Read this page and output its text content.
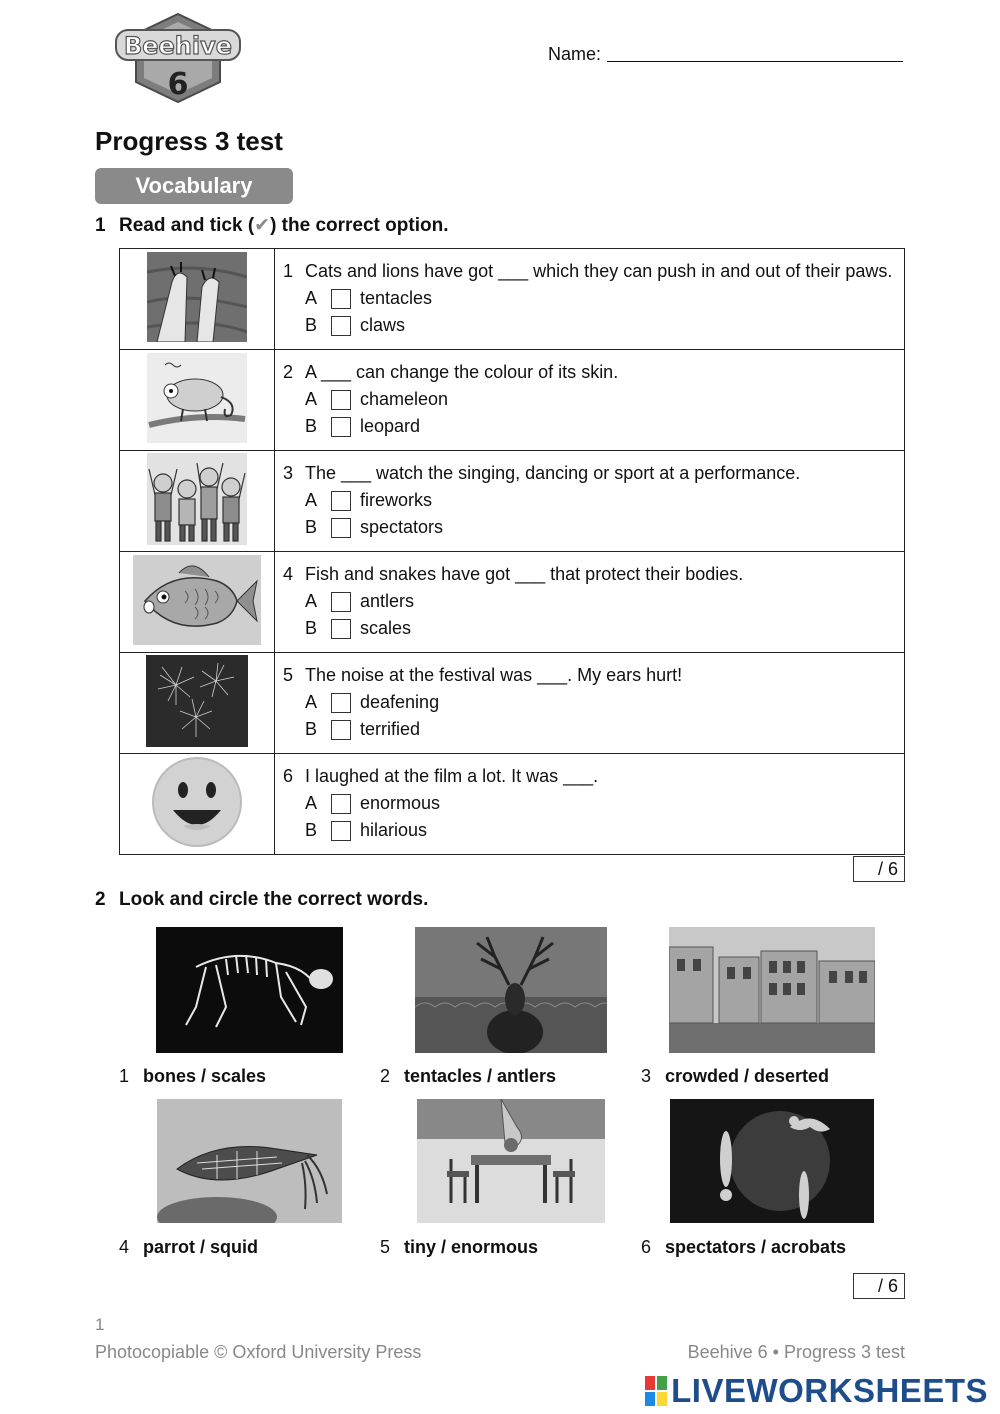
Beehive
6
Name:
Progress 3 test
Vocabulary
1 Read and tick (✔) the correct option.

1 Cats and lions have got ___ which they can push in and out of their paws.
A tentacles
B claws

2 A ___ can change the colour of its skin.
A chameleon
B leopard

3 The ___ watch the singing, dancing or sport at a performance.
A fireworks
B spectators

4 Fish and snakes have got ___ that protect their bodies.
A antlers
B scales

5 The noise at the festival was ___. My ears hurt!
A deafening
B terrified

6 I laughed at the film a lot. It was ___.
A enormous
B hilarious
/ 6
2 Look and circle the correct words.
1 bones / scales	2 tentacles / antlers	3 crowded / deserted
4 parrot / squid	5 tiny / enormous	6 spectators / acrobats
/ 6
1
Photocopiable © Oxford University Press	Beehive 6 • Progress 3 test
LIVEWORKSHEETS
